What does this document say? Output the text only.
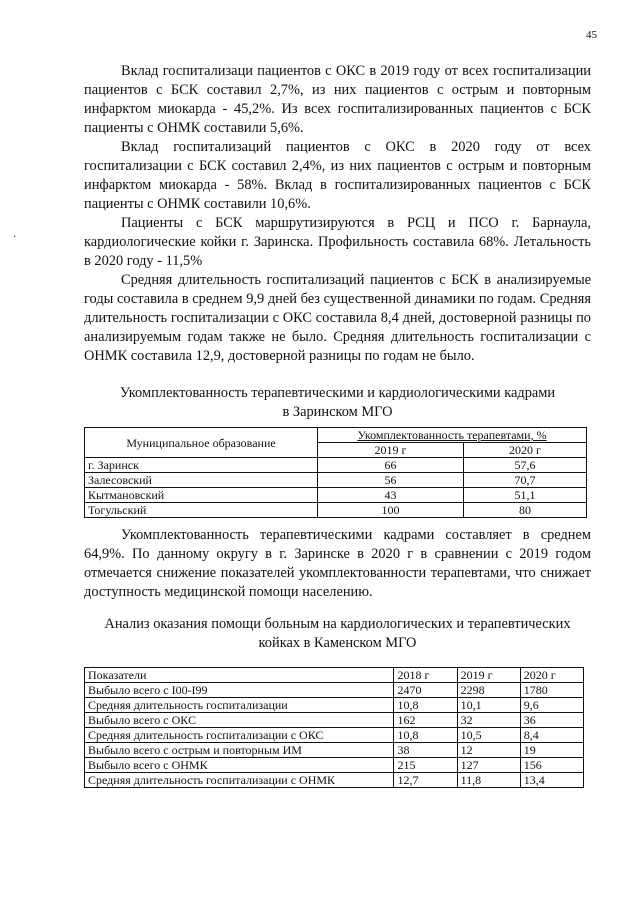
45

Вклад госпитализаци пациентов с ОКС в 2019 году от всех госпитализации пациентов с БСК составил 2,7%, из них пациентов с острым и повторным инфарктом миокарда - 45,2%. Из всех госпитализированных пациентов с БСК пациенты с ОНМК составили 5,6%.

Вклад госпитализаций пациентов с ОКС в 2020 году от всех госпитализации с БСК составил 2,4%, из них пациентов с острым и повторным инфарктом миокарда - 58%. Вклад в госпитализированных пациентов с БСК пациенты с ОНМК составили 10,6%.

Пациенты с БСК маршрутизируются в РСЦ и ПСО г. Барнаула, кардиологические койки г. Заринска. Профильность составила 68%. Летальность в 2020 году - 11,5%

Средняя длительность госпитализаций пациентов с БСК в анализируемые годы составила в среднем 9,9 дней без существенной динамики по годам. Средняя длительность госпитализации с ОКС составила 8,4 дней, достоверной разницы по анализируемым годам также не было. Средняя длительность госпитализации с ОНМК составила 12,9, достоверной разницы по годам не было.

.
Укомплектованность терапевтическими и кардиологическими кадрами
в Заринском МГО
Муниципальное образование	Укомплектованность терапевтами, %	
	2019 г	2020 г
г. Заринск	66	57,6
Залесовский	56	70,7
Кытмановский	43	51,1
Тогульский	100	80

Укомплектованность терапевтическими кадрами составляет в среднем 64,9%. По данному округу в г. Заринске в 2020 г в сравнении с 2019 годом отмечается снижение показателей укомплектованности терапевтами, что снижает доступность медицинской помощи населению.

Анализ оказания помощи больным на кардиологических и терапевтических
койках в Каменском МГО
Показатели	2018 г	2019 г	2020 г
Выбыло всего с I00-I99	2470	2298	1780
Средняя длительность госпитализации	10,8	10,1	9,6
Выбыло всего с ОКС	162	32	36
Средняя длительность госпитализации с ОКС	10,8	10,5	8,4
Выбыло всего с острым и повторным ИМ	38	12	19
Выбыло всего с ОНМК	215	127	156
Средняя длительность госпитализации с ОНМК	12,7	11,8	13,4
